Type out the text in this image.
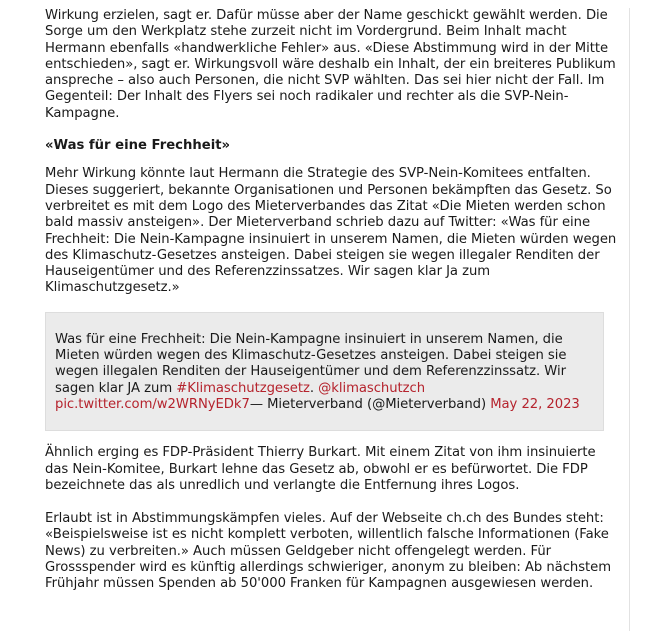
Wirkung erzielen, sagt er. Dafür müsse aber der Name geschickt gewählt werden. Die Sorge um den Werkplatz stehe zurzeit nicht im Vordergrund. Beim Inhalt macht Hermann ebenfalls «handwerkliche Fehler» aus. «Diese Abstimmung wird in der Mitte entschieden», sagt er. Wirkungsvoll wäre deshalb ein Inhalt, der ein breiteres Publikum anspreche – also auch Personen, die nicht SVP wählten. Das sei hier nicht der Fall. Im Gegenteil: Der Inhalt des Flyers sei noch radikaler und rechter als die SVP-Nein-Kampagne.

«Was für eine Frechheit»

Mehr Wirkung könnte laut Hermann die Strategie des SVP-Nein-Komitees entfalten. Dieses suggeriert, bekannte Organisationen und Personen bekämpften das Gesetz. So verbreitet es mit dem Logo des Mieterverbandes das Zitat «Die Mieten werden schon bald massiv ansteigen». Der Mieterverband schrieb dazu auf Twitter: «Was für eine Frechheit: Die Nein-Kampagne insinuiert in unserem Namen, die Mieten würden wegen des Klimaschutz-Gesetzes ansteigen. Dabei steigen sie wegen illegaler Renditen der Hauseigentümer und des Referenzzinssatzes. Wir sagen klar Ja zum Klimaschutzgesetz.»

Was für eine Frechheit: Die Nein-Kampagne insinuiert in unserem Namen, die Mieten würden wegen des Klimaschutz-Gesetzes ansteigen. Dabei steigen sie wegen illegalen Renditen der Hauseigentümer und dem Referenzzinssatz. Wir sagen klar JA zum #Klimaschutzgesetz. @klimaschutzch pic.twitter.com/w2WRNyEDk7— Mieterverband (@Mieterverband) May 22, 2023

Ähnlich erging es FDP-Präsident Thierry Burkart. Mit einem Zitat von ihm insinuierte das Nein-Komitee, Burkart lehne das Gesetz ab, obwohl er es befürwortet. Die FDP bezeichnete das als unredlich und verlangte die Entfernung ihres Logos.

Erlaubt ist in Abstimmungskämpfen vieles. Auf der Webseite ch.ch des Bundes steht: «Beispielsweise ist es nicht komplett verboten, willentlich falsche Informationen (Fake News) zu verbreiten.» Auch müssen Geldgeber nicht offengelegt werden. Für Grossspender wird es künftig allerdings schwieriger, anonym zu bleiben: Ab nächstem Frühjahr müssen Spenden ab 50'000 Franken für Kampagnen ausgewiesen werden.
